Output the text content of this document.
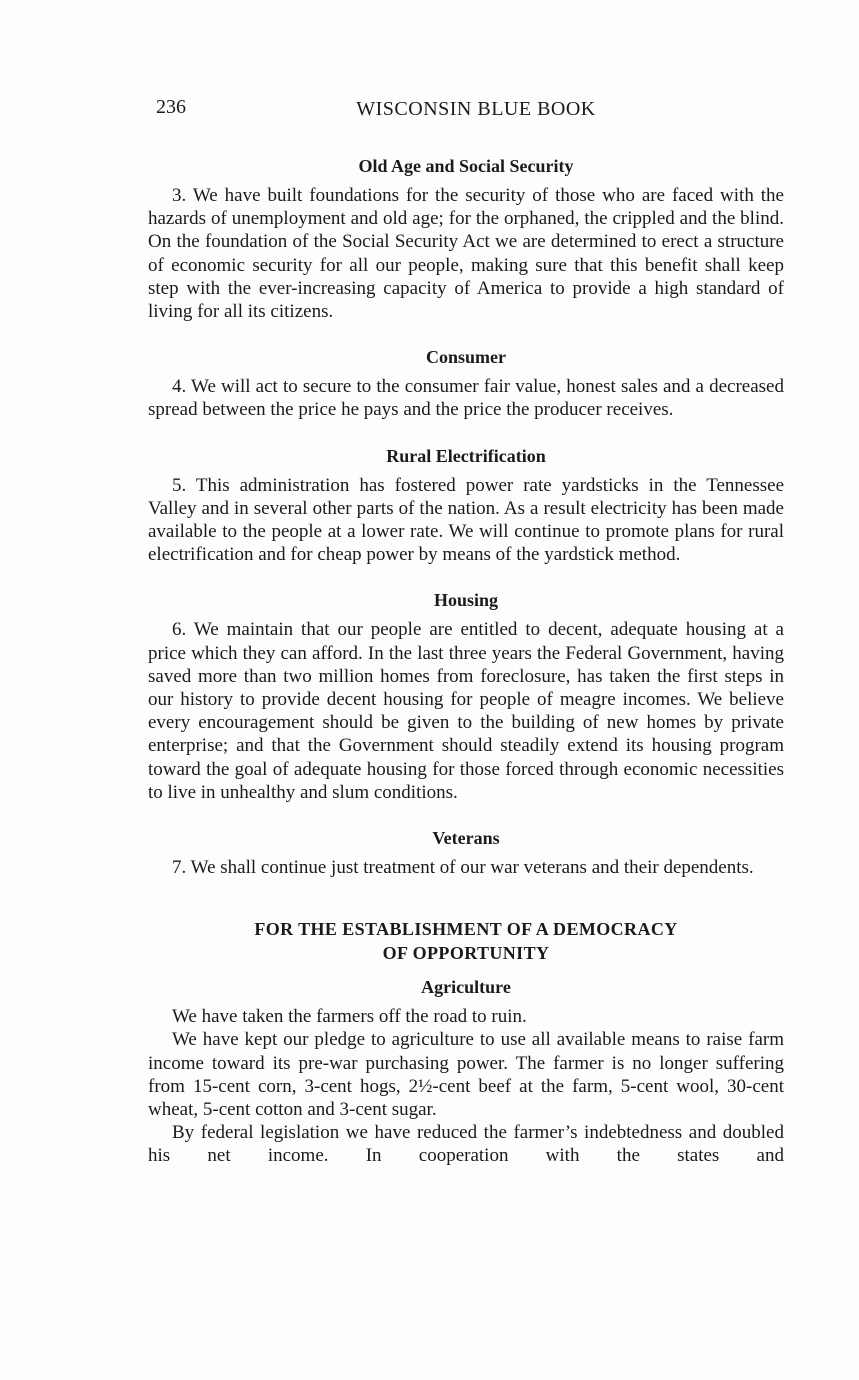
236	WISCONSIN BLUE BOOK
Old Age and Social Security

3. We have built foundations for the security of those who are faced with the hazards of unemployment and old age; for the orphaned, the crippled and the blind. On the foundation of the Social Security Act we are determined to erect a structure of economic security for all our people, making sure that this benefit shall keep step with the ever-increasing capacity of America to provide a high standard of living for all its citizens.

Consumer

4. We will act to secure to the consumer fair value, honest sales and a decreased spread between the price he pays and the price the producer receives.

Rural Electrification

5. This administration has fostered power rate yardsticks in the Tennessee Valley and in several other parts of the nation. As a result electricity has been made available to the people at a lower rate. We will continue to promote plans for rural electrification and for cheap power by means of the yardstick method.

Housing

6. We maintain that our people are entitled to decent, adequate housing at a price which they can afford. In the last three years the Federal Government, having saved more than two million homes from foreclosure, has taken the first steps in our history to provide decent housing for people of meagre incomes. We believe every encouragement should be given to the building of new homes by private enterprise; and that the Government should steadily extend its housing program toward the goal of adequate housing for those forced through economic necessities to live in unhealthy and slum conditions.

Veterans

7. We shall continue just treatment of our war veterans and their dependents.

FOR THE ESTABLISHMENT OF A DEMOCRACY
OF OPPORTUNITY
Agriculture

We have taken the farmers off the road to ruin.

We have kept our pledge to agriculture to use all available means to raise farm income toward its pre-war purchasing power. The farmer is no longer suffering from 15-cent corn, 3-cent hogs, 2½-cent beef at the farm, 5-cent wool, 30-cent wheat, 5-cent cotton and 3-cent sugar.

By federal legislation we have reduced the farmer’s indebtedness and doubled his net income. In cooperation with the states and
